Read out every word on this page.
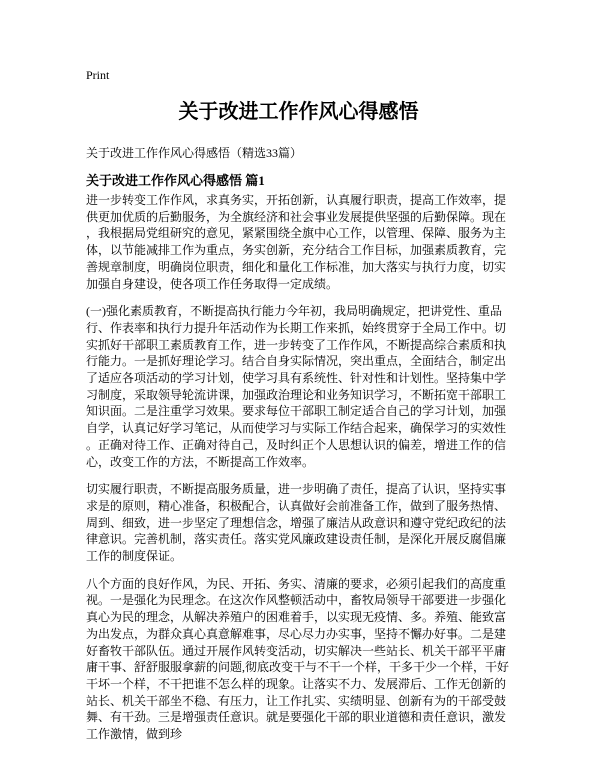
Print
关于改进工作作风心得感悟
关于改进工作作风心得感悟（精选33篇）
关于改进工作作风心得感悟 篇1

进一步转变工作作风，求真务实，开拓创新，认真履行职责，提高工作效率，提供更加优质的后勤服务，为全旗经济和社会事业发展提供坚强的后勤保障。现在，我根据局党组研究的意见，紧紧围绕全旗中心工作，以管理、保障、服务为主体，以节能减排工作为重点，务实创新，充分结合工作目标，加强素质教育，完善规章制度，明确岗位职责，细化和量化工作标准，加大落实与执行力度，切实加强自身建设，使各项工作任务取得一定成绩。

(一)强化素质教育，不断提高执行能力今年初，我局明确规定，把讲党性、重品行、作表率和执行力提升年活动作为长期工作来抓，始终贯穿于全局工作中。切实抓好干部职工素质教育工作，进一步转变了工作作风，不断提高综合素质和执行能力。一是抓好理论学习。结合自身实际情况，突出重点，全面结合，制定出了适应各项活动的学习计划，使学习具有系统性、针对性和计划性。坚持集中学习制度，采取领导轮流讲课，加强政治理论和业务知识学习，不断拓宽干部职工知识面。二是注重学习效果。要求每位干部职工制定适合自己的学习计划，加强自学，认真记好学习笔记，从而使学习与实际工作结合起来，确保学习的实效性。正确对待工作、正确对待自己，及时纠正个人思想认识的偏差，增进工作的信心，改变工作的方法，不断提高工作效率。

切实履行职责，不断提高服务质量，进一步明确了责任，提高了认识，坚持实事求是的原则，精心准备，积极配合，认真做好会前准备工作，做到了服务热情、周到、细致，进一步坚定了理想信念，增强了廉洁从政意识和遵守党纪政纪的法律意识。完善机制，落实责任。落实党风廉政建设责任制，是深化开展反腐倡廉工作的制度保证。

八个方面的良好作风，为民、开拓、务实、清廉的要求，必须引起我们的高度重视。一是强化为民理念。在这次作风整顿活动中，畜牧局领导干部要进一步强化真心为民的理念，从解决养殖户的困难着手，以实现无疫情、多。养殖、能致富为出发点，为群众真心真意解难事，尽心尽力办实事，坚持不懈办好事。二是建好畜牧干部队伍。通过开展作风转变活动，切实解决一些站长、机关干部平平庸庸干事、舒舒服服拿薪的问题,彻底改变干与不干一个样，干多干少一个样，干好干坏一个样，不干把谁不怎么样的现象。让落实不力、发展滞后、工作无创新的站长、机关干部坐不稳、有压力，让工作扎实、实绩明显、创新有为的干部受鼓舞、有干劲。三是增强责任意识。就是要强化干部的职业道德和责任意识，激发工作激情，做到珍
